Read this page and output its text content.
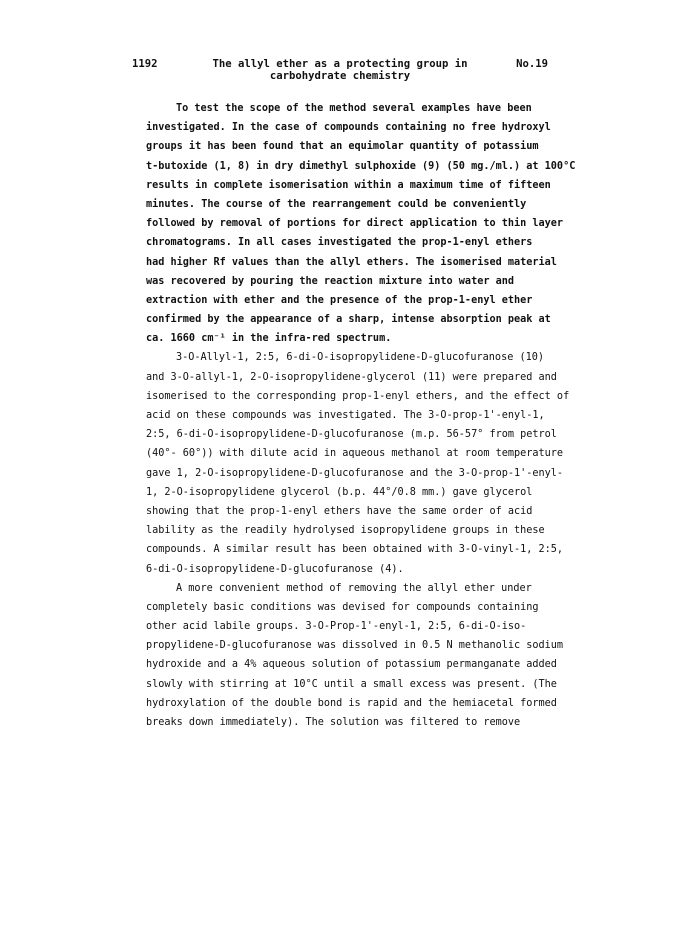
1192	The allyl ether as a protecting group in
carbohydrate chemistry
No.19
To test the scope of the method several examples have been
investigated. In the case of compounds containing no free hydroxyl
groups it has been found that an equimolar quantity of potassium
t-butoxide (1, 8) in dry dimethyl sulphoxide (9) (50 mg./ml.) at 100°C
results in complete isomerisation within a maximum time of fifteen
minutes. The course of the rearrangement could be conveniently
followed by removal of portions for direct application to thin layer
chromatograms. In all cases investigated the prop-1-enyl ethers
had higher Rf values than the allyl ethers. The isomerised material
was recovered by pouring the reaction mixture into water and
extraction with ether and the presence of the prop-1-enyl ether
confirmed by the appearance of a sharp, intense absorption peak at
ca. 1660 cm⁻¹ in the infra-red spectrum.
3-O-Allyl-1, 2:5, 6-di-O-isopropylidene-D-glucofuranose (10)
and 3-O-allyl-1, 2-O-isopropylidene-glycerol (11) were prepared and
isomerised to the corresponding prop-1-enyl ethers, and the effect of
acid on these compounds was investigated. The 3-O-prop-1'-enyl-1,
2:5, 6-di-O-isopropylidene-D-glucofuranose (m.p. 56-57° from petrol
(40°- 60°)) with dilute acid in aqueous methanol at room temperature
gave 1, 2-O-isopropylidene-D-glucofuranose and the 3-O-prop-1'-enyl-
1, 2-O-isopropylidene glycerol (b.p. 44°/0.8 mm.) gave glycerol
showing that the prop-1-enyl ethers have the same order of acid
lability as the readily hydrolysed isopropylidene groups in these
compounds. A similar result has been obtained with 3-O-vinyl-1, 2:5,
6-di-O-isopropylidene-D-glucofuranose (4).
A more convenient method of removing the allyl ether under
completely basic conditions was devised for compounds containing
other acid labile groups. 3-O-Prop-1'-enyl-1, 2:5, 6-di-O-iso-
propylidene-D-glucofuranose was dissolved in 0.5 N methanolic sodium
hydroxide and a 4% aqueous solution of potassium permanganate added
slowly with stirring at 10°C until a small excess was present. (The
hydroxylation of the double bond is rapid and the hemiacetal formed
breaks down immediately). The solution was filtered to remove
